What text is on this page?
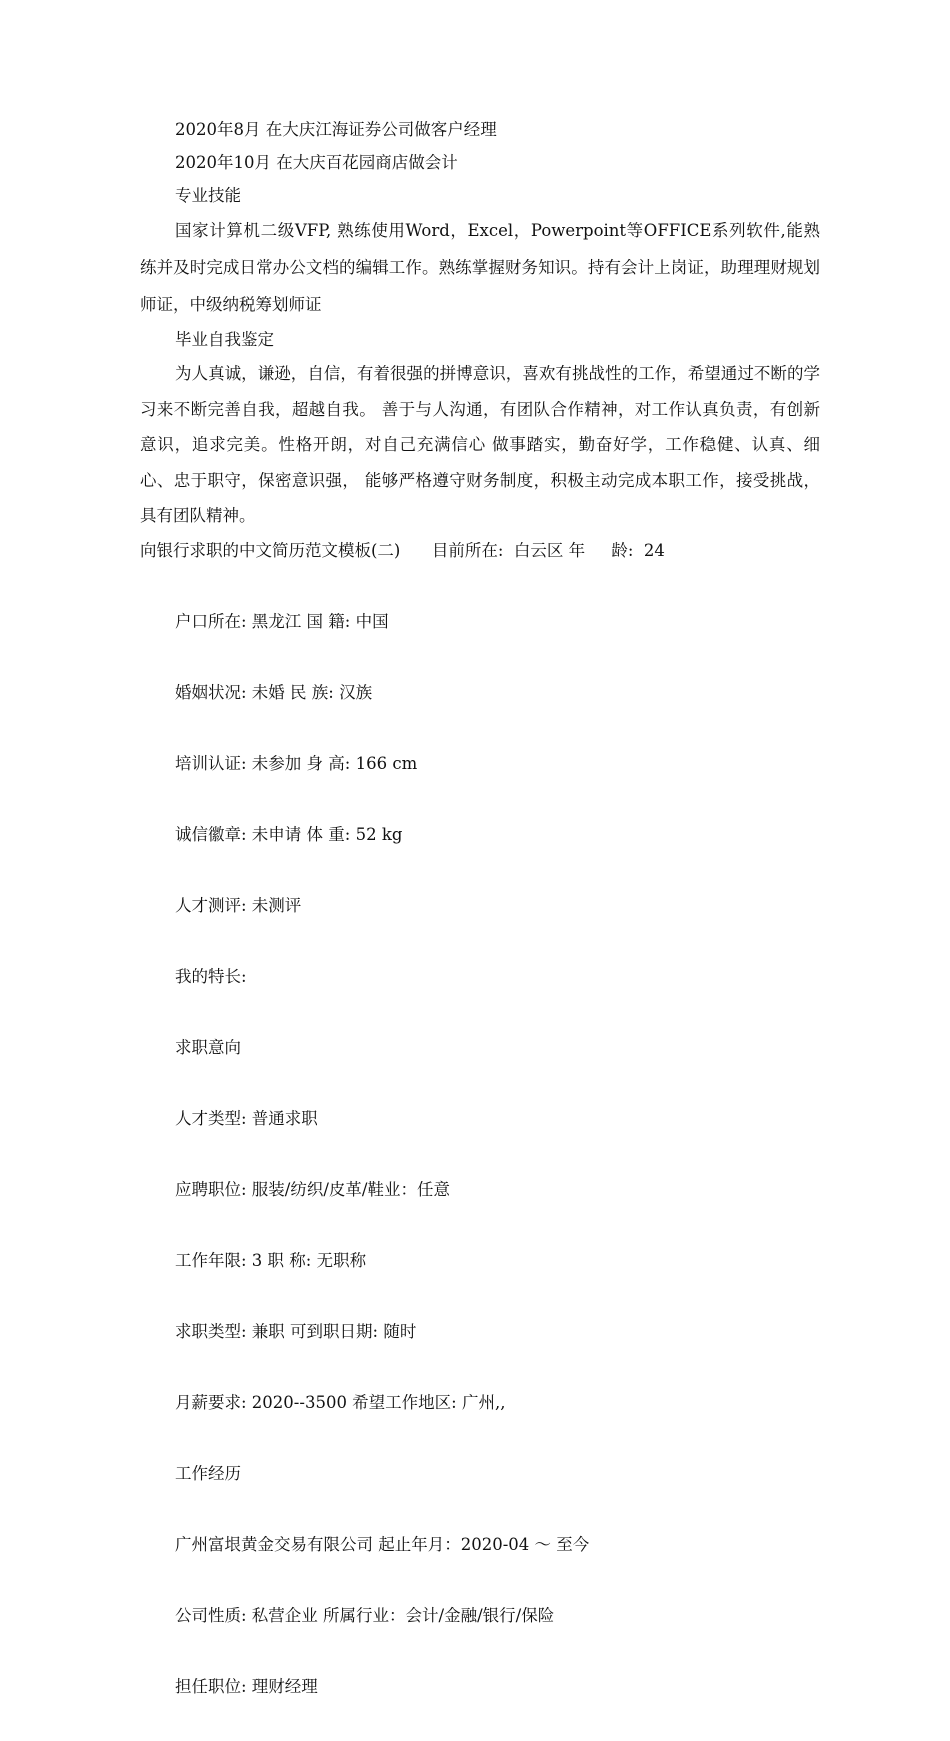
2020年8月 在大庆江海证券公司做客户经理
2020年10月 在大庆百花园商店做会计
专业技能

国家计算机二级VFP, 熟练使用Word，Excel，Powerpoint等OFFICE系列软件,能熟练并及时完成日常办公文档的编辑工作。熟练掌握财务知识。持有会计上岗证，助理理财规划师证，中级纳税筹划师证

毕业自我鉴定

为人真诚，谦逊，自信，有着很强的拼博意识，喜欢有挑战性的工作，希望通过不断的学习来不断完善自我，超越自我。 善于与人沟通，有团队合作精神，对工作认真负责，有创新意识，追求完美。性格开朗，对自己充满信心 做事踏实，勤奋好学，工作稳健、认真、细心、忠于职守，保密意识强， 能够严格遵守财务制度，积极主动完成本职工作，接受挑战，具有团队精神。

向银行求职的中文简历范文模板(二)      目前所在:  白云区 年     龄:  24

户口所在: 黑龙江 国 籍: 中国

婚姻状况: 未婚 民 族: 汉族

培训认证: 未参加 身 高: 166 cm

诚信徽章: 未申请 体 重: 52 kg

人才测评: 未测评

我的特长:

求职意向

人才类型: 普通求职

应聘职位: 服装/纺织/皮革/鞋业：任意

工作年限: 3 职 称: 无职称

求职类型: 兼职 可到职日期: 随时

月薪要求: 2020--3500 希望工作地区: 广州,,

工作经历

广州富垠黄金交易有限公司 起止年月：2020-04 ～ 至今

公司性质: 私营企业 所属行业：会计/金融/银行/保险

担任职位: 理财经理
